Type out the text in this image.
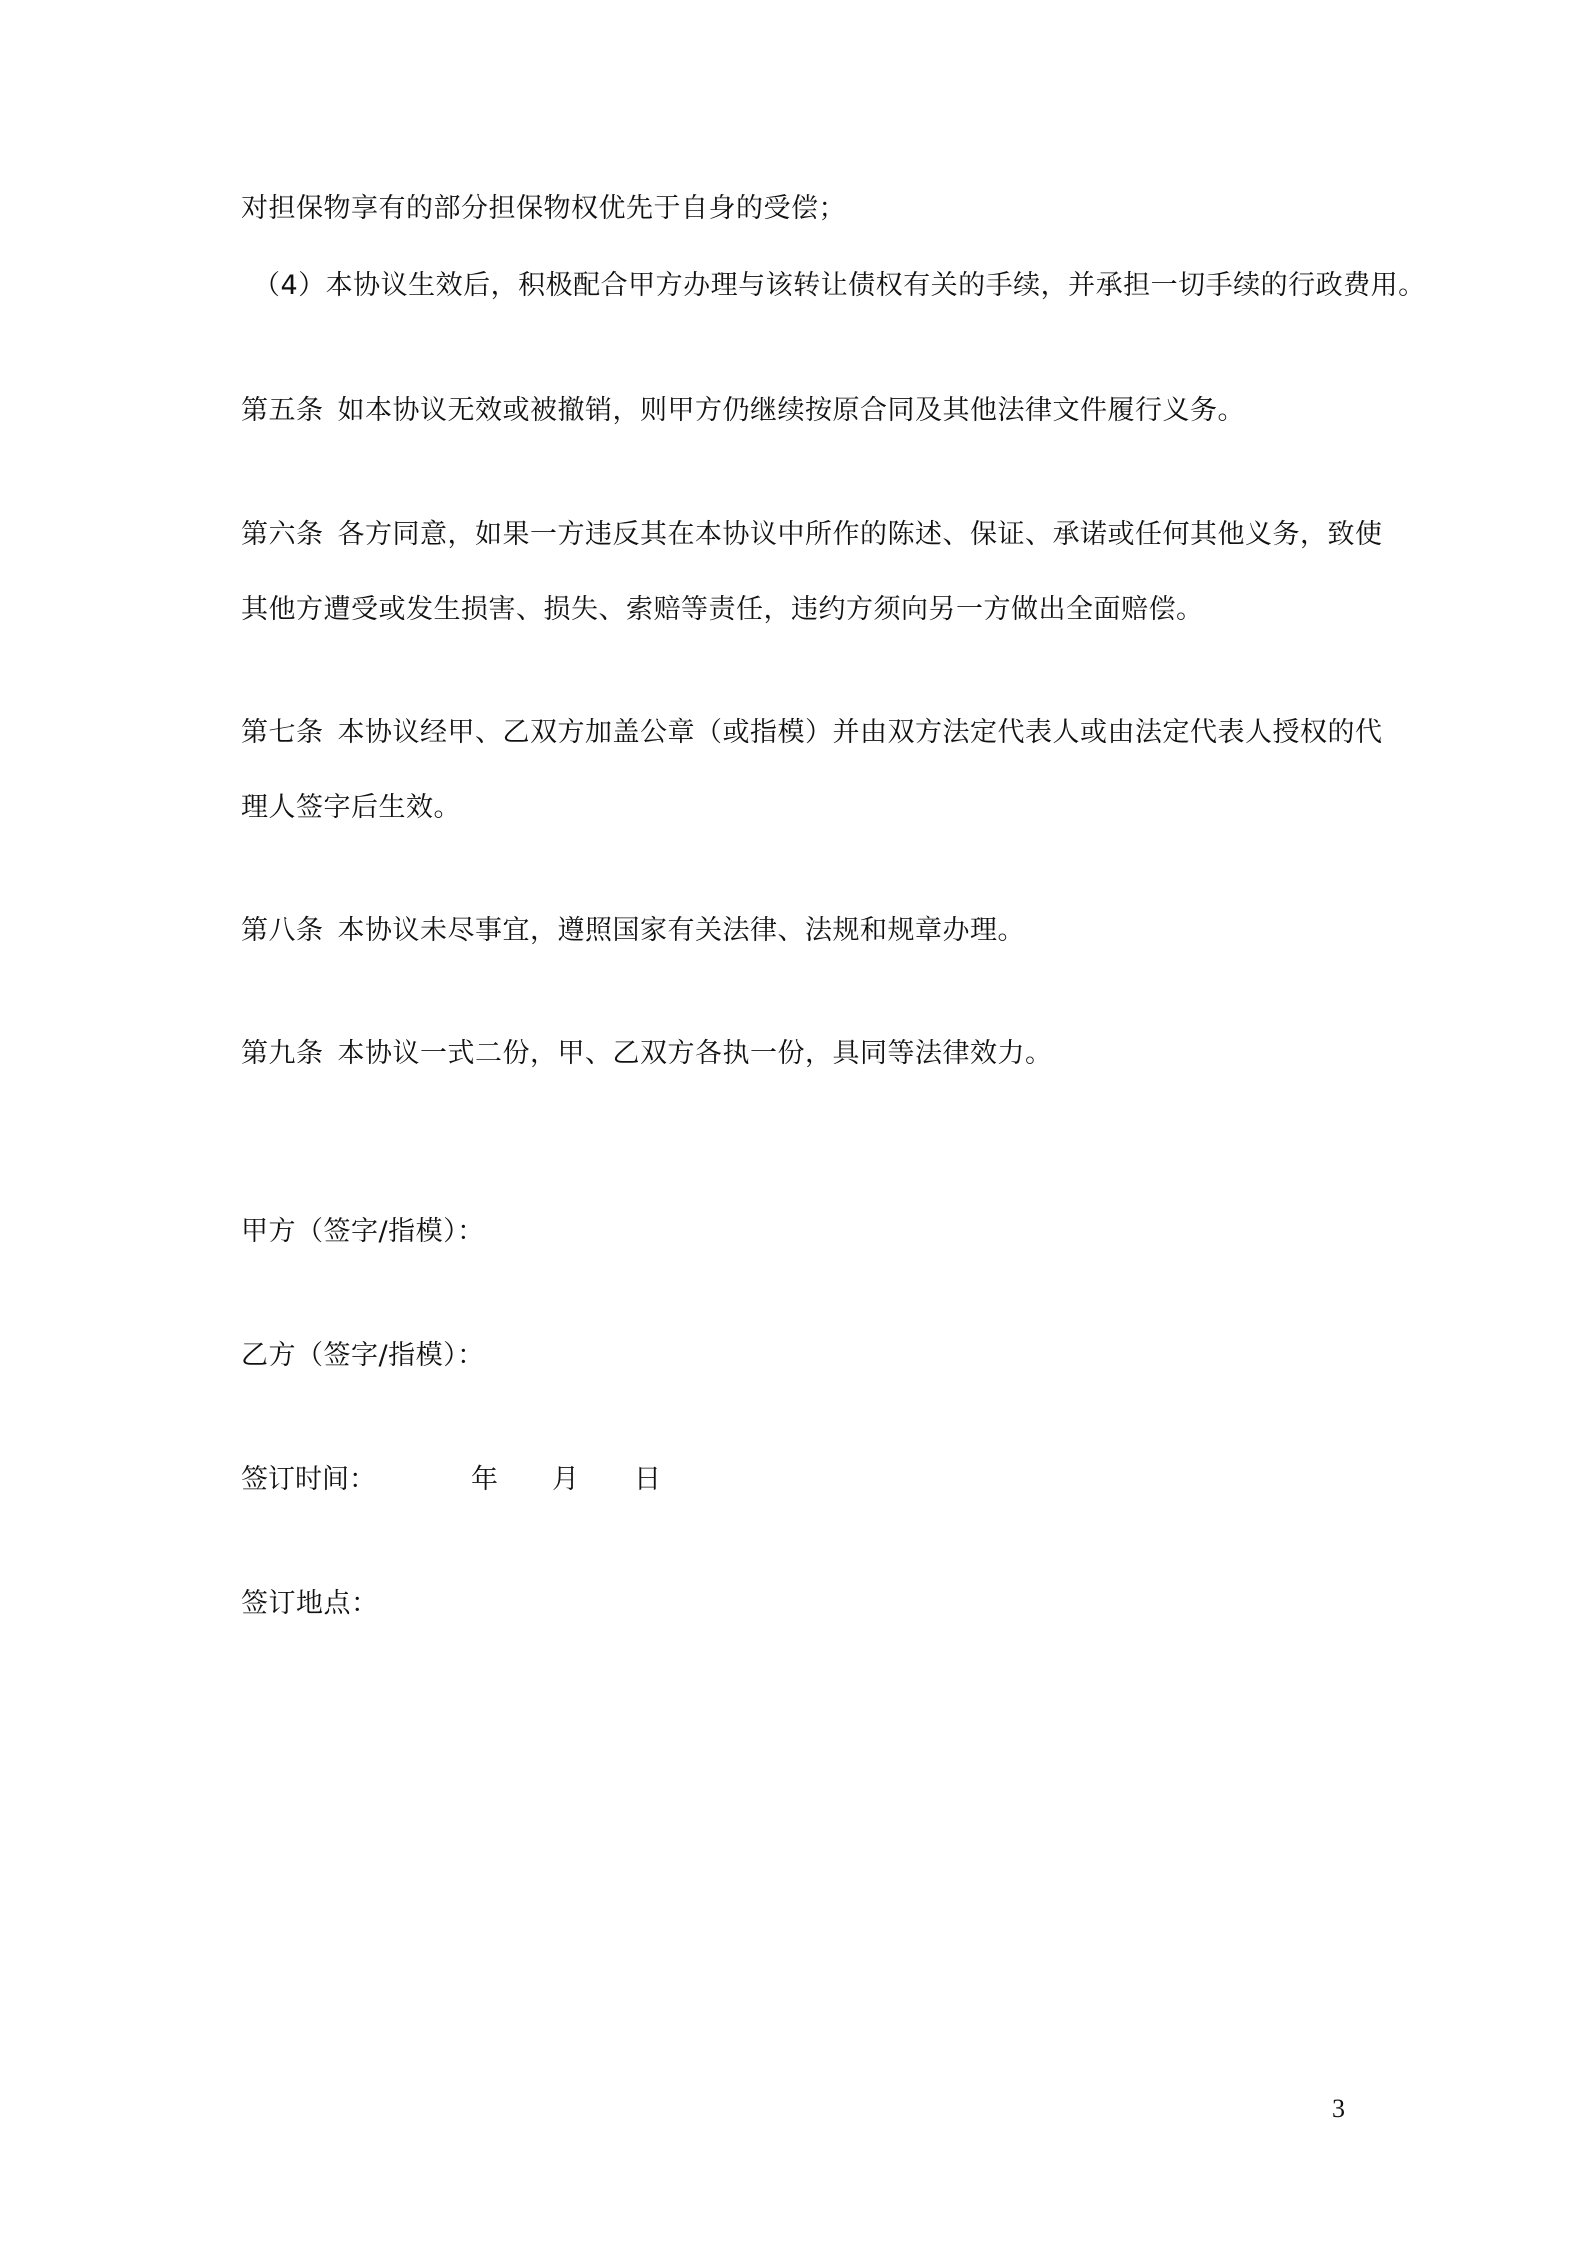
对担保物享有的部分担保物权优先于自身的受偿；
（4）本协议生效后，积极配合甲方办理与该转让债权有关的手续，并承担一切手续的行政费用。
第五条 如本协议无效或被撤销，则甲方仍继续按原合同及其他法律文件履行义务。
第六条 各方同意，如果一方违反其在本协议中所作的陈述、保证、承诺或任何其他义务，致使
其他方遭受或发生损害、损失、索赔等责任，违约方须向另一方做出全面赔偿。
第七条 本协议经甲、乙双方加盖公章（或指模）并由双方法定代表人或由法定代表人授权的代
理人签字后生效。
第八条 本协议未尽事宜，遵照国家有关法律、法规和规章办理。
第九条 本协议一式二份，甲、乙双方各执一份，具同等法律效力。
甲方（签字/指模）：
乙方（签字/指模）：
签订时间：	年 月 日
签订地点：
3
